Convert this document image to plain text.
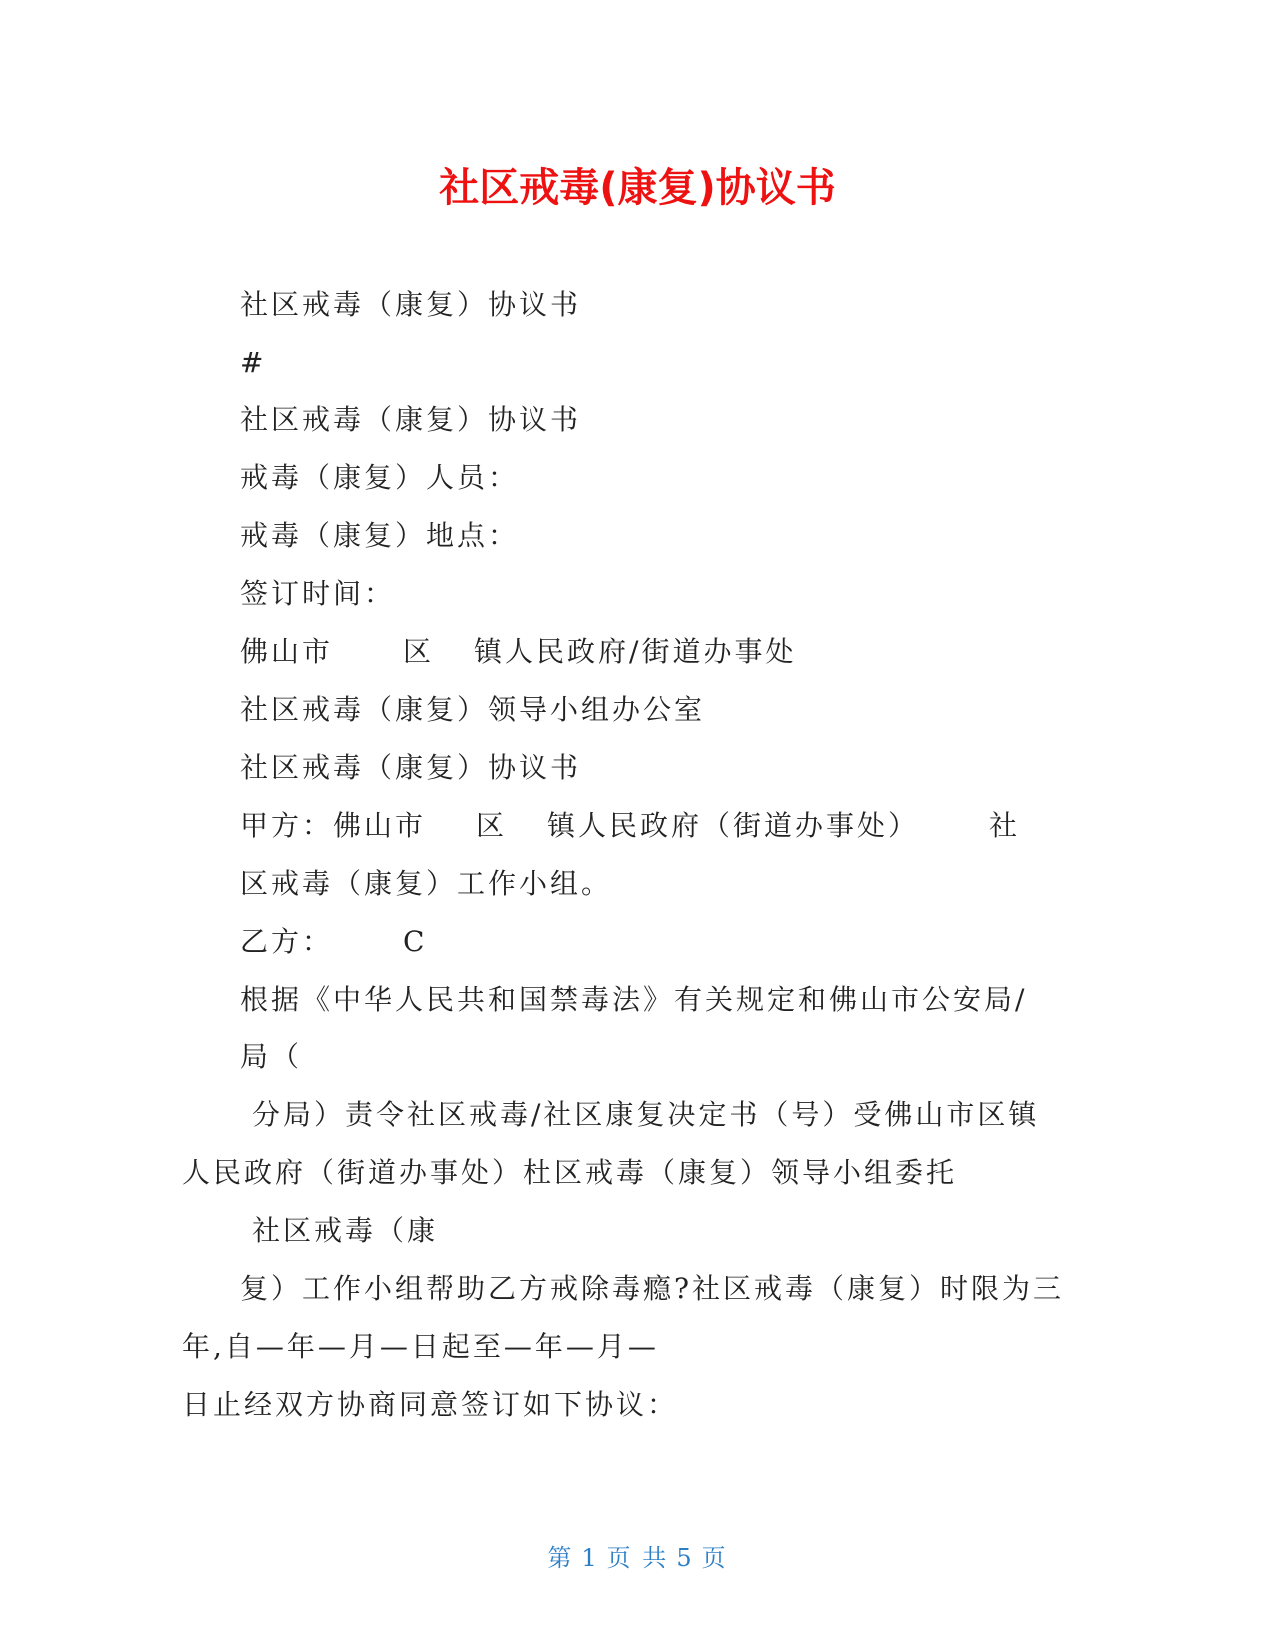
社区戒毒(康复)协议书

社区戒毒（康复）协议书

#

社区戒毒（康复）协议书

戒毒（康复）人员：

戒毒（康复）地点：

签订时间：

佛山市	区 镇人民政府/街道办事处

社区戒毒（康复）领导小组办公室

社区戒毒（康复）协议书

甲方：佛山市 区 镇人民政府（街道办事处）	社

区戒毒（康复）工作小组。

乙方：	C

根据《中华人民共和国禁毒法》有关规定和佛山市公安局/

局（

分局）责令社区戒毒/社区康复决定书（号）受佛山市区镇

人民政府（街道办事处）杜区戒毒（康复）领导小组委托

社区戒毒（康

复）工作小组帮助乙方戒除毒瘾?社区戒毒（康复）时限为三

年,自—年—月—日起至—年—月—

日止经双方协商同意签订如下协议：

第 1 页 共 5 页
